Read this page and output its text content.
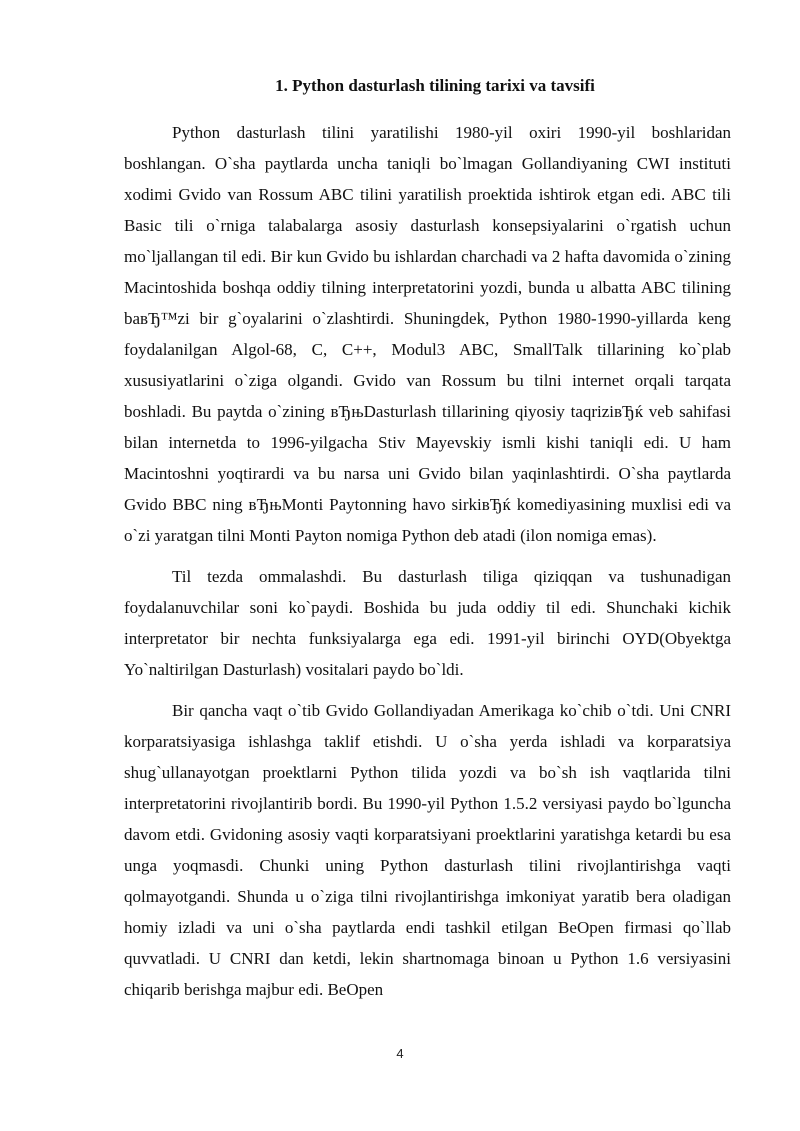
1. Python dasturlash tilining tarixi va tavsifi

Python dasturlash tilini yaratilishi 1980-yil oxiri 1990-yil boshlaridan boshlangan. O`sha paytlarda uncha taniqli bo`lmagan Gollandiyaning CWI instituti xodimi Gvido van Rossum ABC tilini yaratilish proektida ishtirok etgan edi. ABC tili Basic tili o`rniga talabalarga asosiy dasturlash konsepsiyalarini o`rgatish uchun mo`ljallangan til edi. Bir kun Gvido bu ishlardan charchadi va 2 hafta davomida o`zining Macintoshida boshqa oddiy tilning interpretatorini yozdi, bunda u albatta ABC tilining baвЂ™zi bir g`oyalarini o`zlashtirdi. Shuningdek, Python 1980-1990-yillarda keng foydalanilgan Algol-68, C, C++, Modul3 ABC, SmallTalk tillarining ko`plab xususiyatlarini o`ziga olgandi. Gvido van Rossum bu tilni internet orqali tarqata boshladi. Bu paytda o`zining вЂњDasturlash tillarining qiyosiy taqriziвЂќ veb sahifasi bilan internetda to 1996-yilgacha Stiv Mayevskiy ismli kishi taniqli edi. U ham Macintoshni yoqtirardi va bu narsa uni Gvido bilan yaqinlashtirdi. O`sha paytlarda Gvido BBC ning вЂњMonti Paytonning havo sirkiвЂќ komediyasining muxlisi edi va o`zi yaratgan tilni Monti Payton nomiga Python deb atadi (ilon nomiga emas).

Til tezda ommalashdi. Bu dasturlash tiliga qiziqqan va tushunadigan foydalanuvchilar soni ko`paydi. Boshida bu juda oddiy til edi. Shunchaki kichik interpretator bir nechta funksiyalarga ega edi. 1991-yil birinchi OYD(Obyektga Yo`naltirilgan Dasturlash) vositalari paydo bo`ldi.

Bir qancha vaqt o`tib Gvido Gollandiyadan Amerikaga ko`chib o`tdi. Uni CNRI korparatsiyasiga ishlashga taklif etishdi. U o`sha yerda ishladi va korparatsiya shug`ullanayotgan proektlarni Python tilida yozdi va bo`sh ish vaqtlarida tilni interpretatorini rivojlantirib bordi. Bu 1990-yil Python 1.5.2 versiyasi paydo bo`lguncha davom etdi. Gvidoning asosiy vaqti korparatsiyani proektlarini yaratishga ketardi bu esa unga yoqmasdi. Chunki uning Python dasturlash tilini rivojlantirishga vaqti qolmayotgandi. Shunda u o`ziga tilni rivojlantirishga imkoniyat yaratib bera oladigan homiy izladi va uni o`sha paytlarda endi tashkil etilgan BeOpen firmasi qo`llab quvvatladi. U CNRI dan ketdi, lekin shartnomaga binoan u Python 1.6 versiyasini chiqarib berishga majbur edi. BeOpen

4
